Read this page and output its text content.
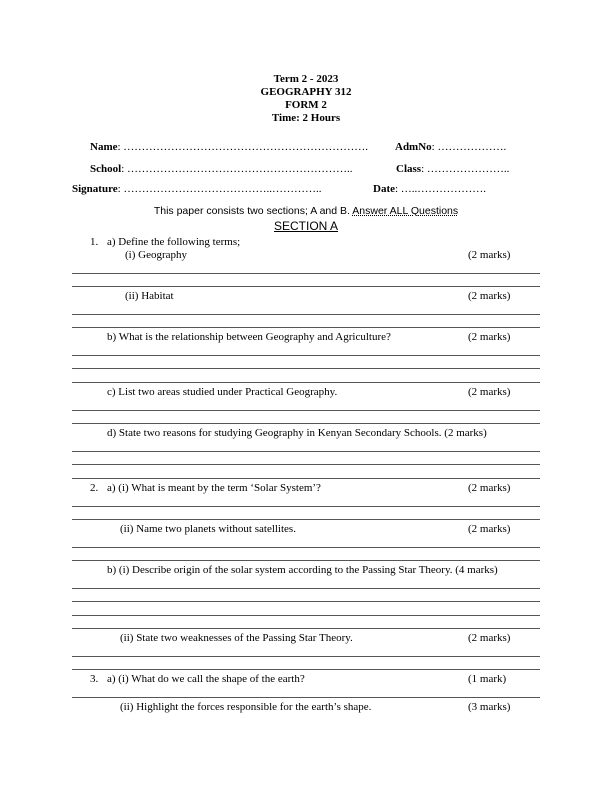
Term 2 - 2023
GEOGRAPHY 312
FORM 2
Time: 2 Hours
Name: …………………………………………………………. AdmNo: ……………….
School: ……………………………………………………..	Class: …………………..
Signature: …………………………………..…………..	Date: …..……………….
This paper consists two sections; A and B. Answer ALL Questions
SECTION A
1. a) Define the following terms;
(i) Geography	(2 marks)
(ii) Habitat	(2 marks)
b) What is the relationship between Geography and Agriculture?	(2 marks)
c) List two areas studied under Practical Geography.	(2 marks)
d) State two reasons for studying Geography in Kenyan Secondary Schools. (2 marks)
2. a) (i) What is meant by the term ‘Solar System’?	(2 marks)
(ii) Name two planets without satellites.	(2 marks)
b) (i) Describe origin of the solar system according to the Passing Star Theory. (4 marks)
(ii) State two weaknesses of the Passing Star Theory.	(2 marks)
3. a) (i) What do we call the shape of the earth?	(1 mark)
(ii) Highlight the forces responsible for the earth’s shape.	(3 marks)
